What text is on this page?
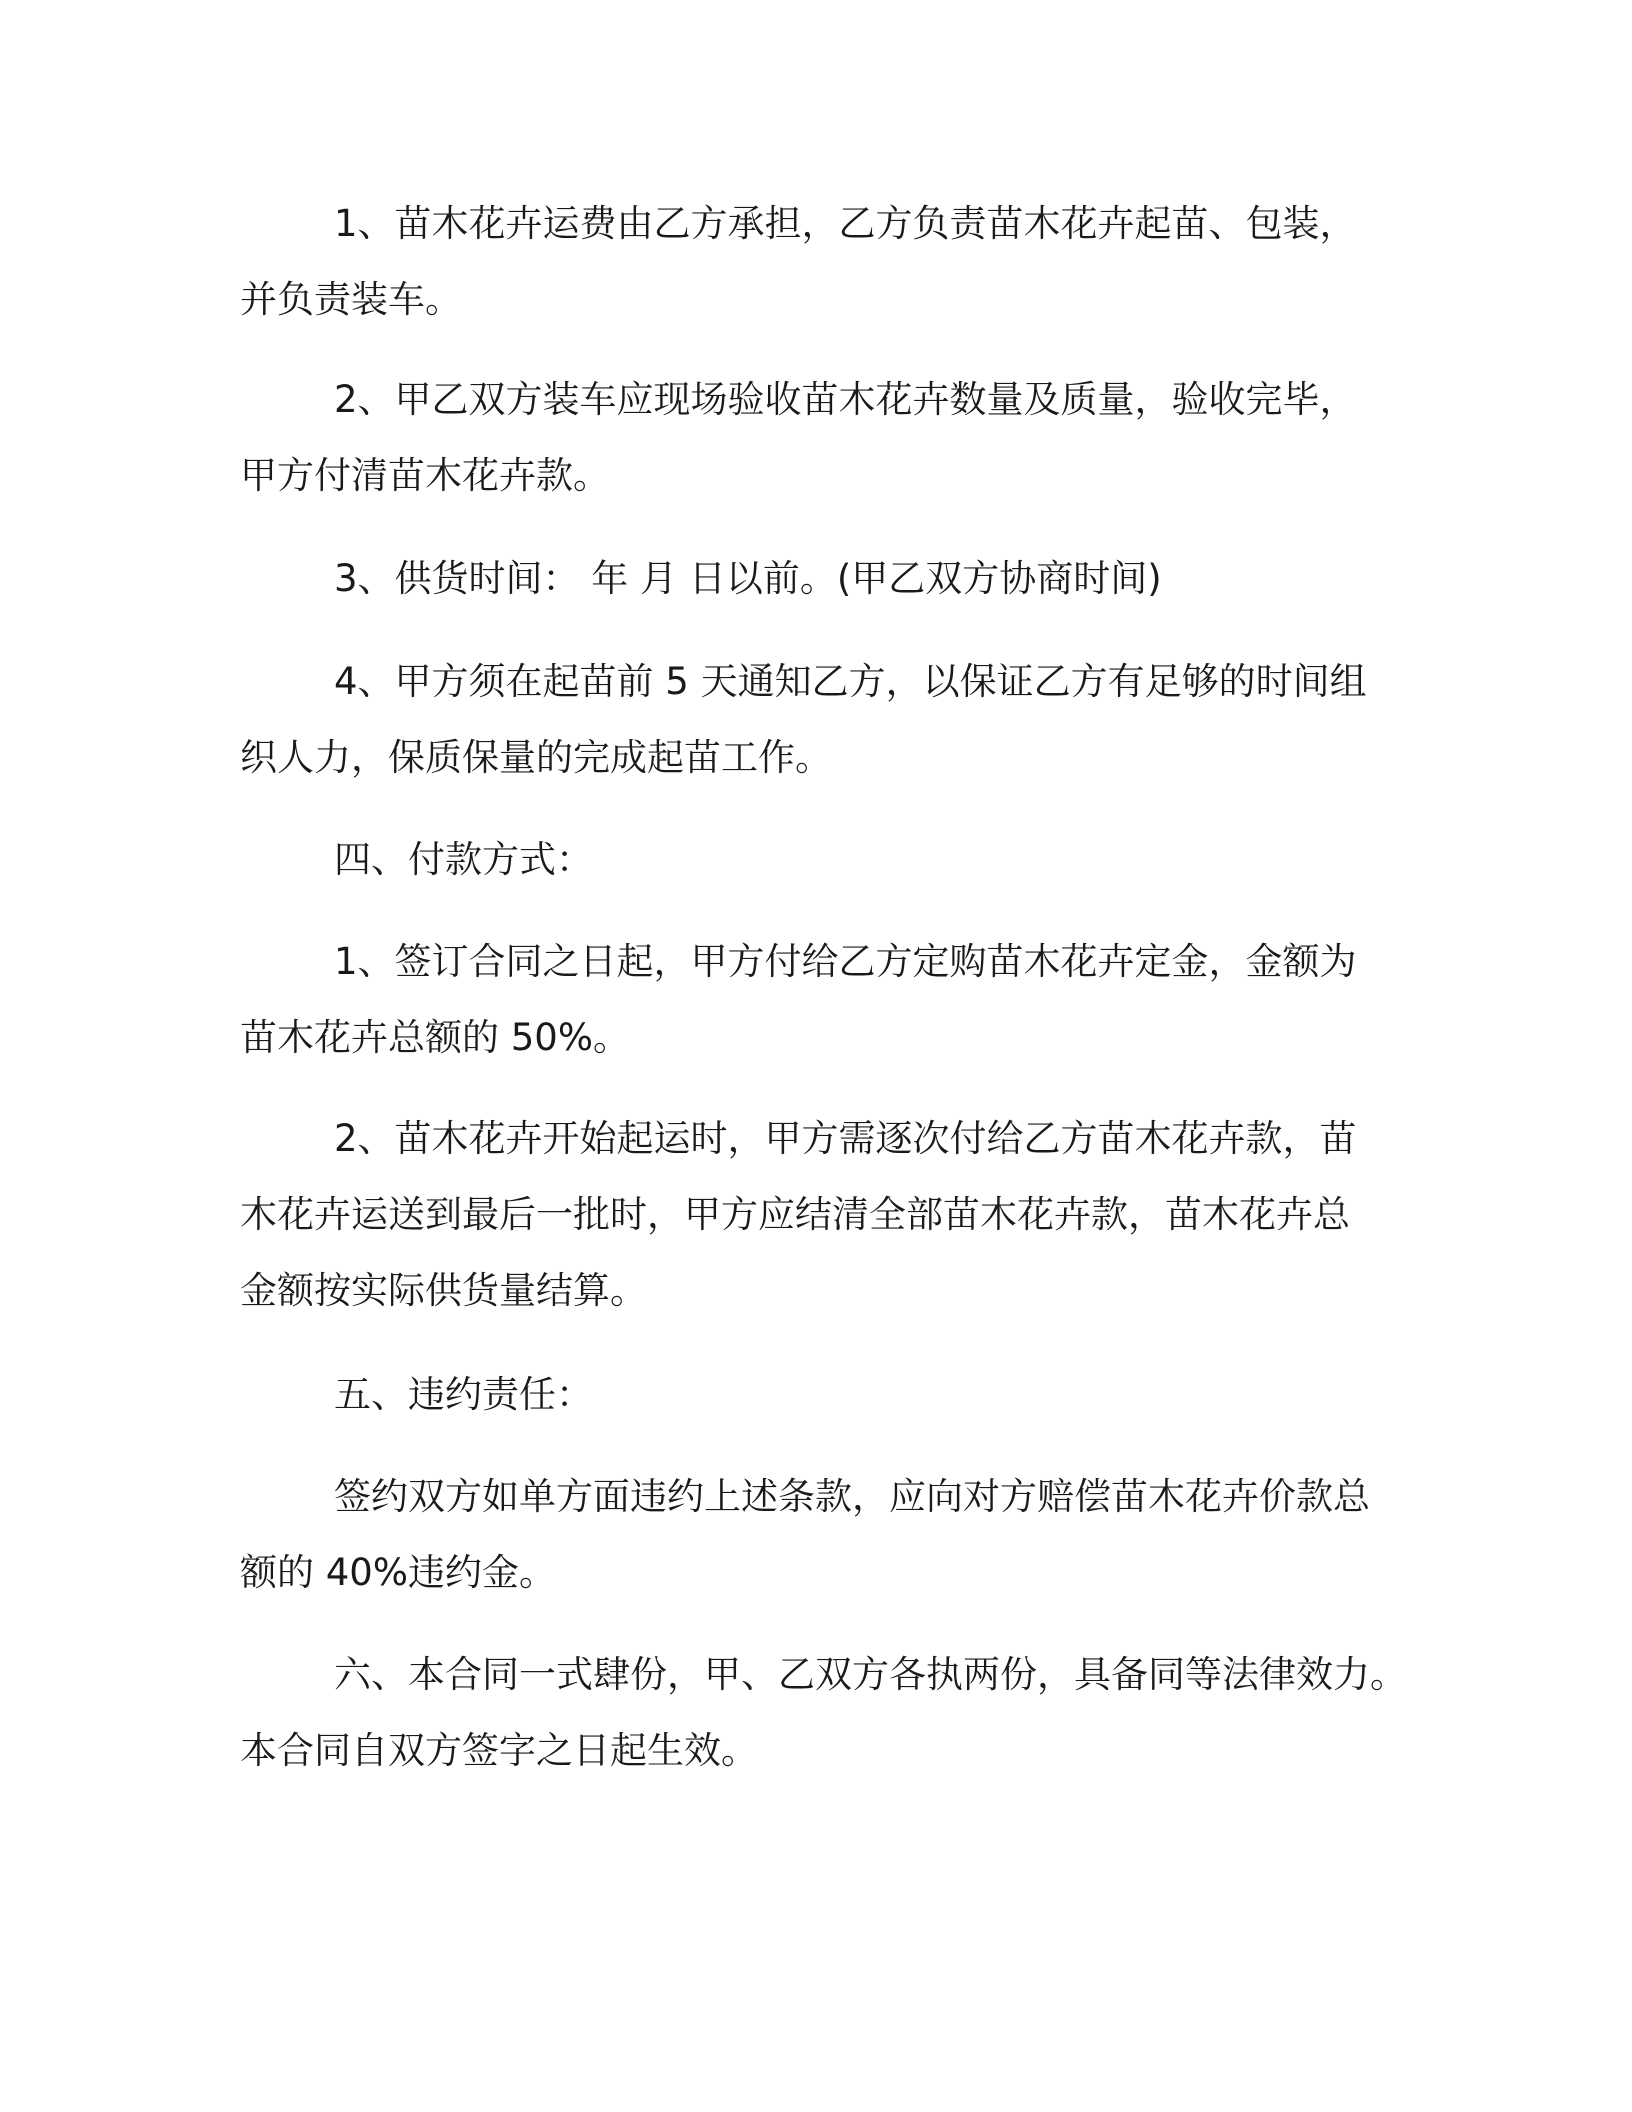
1、苗木花卉运费由乙方承担，乙方负责苗木花卉起苗、包装，
并负责装车。

2、甲乙双方装车应现场验收苗木花卉数量及质量，验收完毕，
甲方付清苗木花卉款。

3、供货时间： 年 月 日以前。(甲乙双方协商时间)

4、甲方须在起苗前 5 天通知乙方，以保证乙方有足够的时间组
织人力，保质保量的完成起苗工作。

四、付款方式：

1、签订合同之日起，甲方付给乙方定购苗木花卉定金，金额为
苗木花卉总额的 50%。

2、苗木花卉开始起运时，甲方需逐次付给乙方苗木花卉款，苗
木花卉运送到最后一批时，甲方应结清全部苗木花卉款，苗木花卉总
金额按实际供货量结算。

五、违约责任：

签约双方如单方面违约上述条款，应向对方赔偿苗木花卉价款总
额的 40%违约金。

六、本合同一式肆份，甲、乙双方各执两份，具备同等法律效力。
本合同自双方签字之日起生效。
